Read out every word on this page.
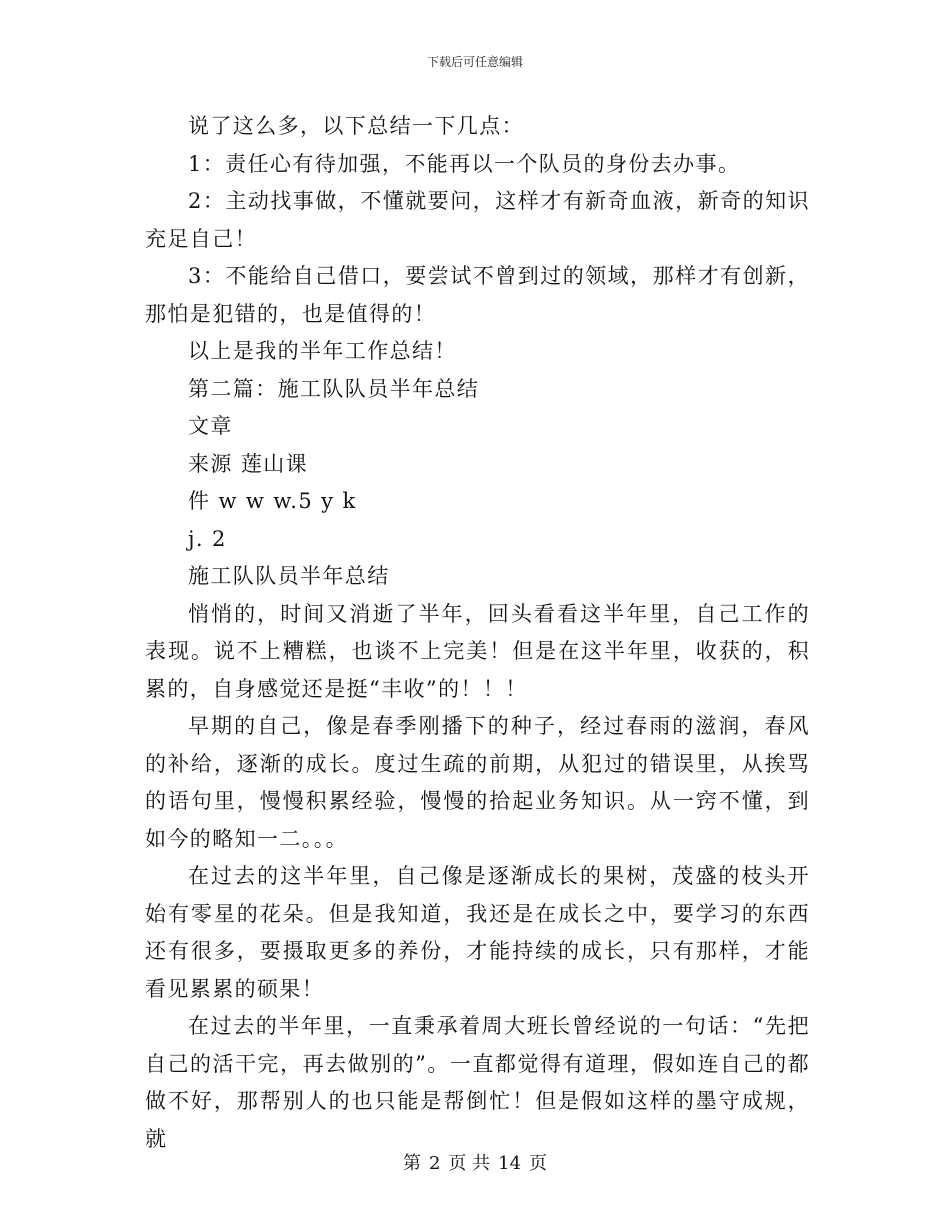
下载后可任意编辑

说了这么多，以下总结一下几点：

1：责任心有待加强，不能再以一个队员的身份去办事。

2：主动找事做，不懂就要问，这样才有新奇血液，新奇的知识充足自己！

3：不能给自己借口，要尝试不曾到过的领域，那样才有创新，那怕是犯错的，也是值得的！

以上是我的半年工作总结！

第二篇：施工队队员半年总结

文章

来源 莲山课

件 w w w.5 y k

j. 2

施工队队员半年总结

悄悄的，时间又消逝了半年，回头看看这半年里，自己工作的表现。说不上糟糕，也谈不上完美！但是在这半年里，收获的，积累的，自身感觉还是挺“丰收”的！！！

早期的自己，像是春季刚播下的种子，经过春雨的滋润，春风的补给，逐渐的成长。度过生疏的前期，从犯过的错误里，从挨骂的语句里，慢慢积累经验，慢慢的拾起业务知识。从一窍不懂，到如今的略知一二。。。

在过去的这半年里，自己像是逐渐成长的果树，茂盛的枝头开始有零星的花朵。但是我知道，我还是在成长之中，要学习的东西还有很多，要摄取更多的养份，才能持续的成长，只有那样，才能看见累累的硕果！

在过去的半年里，一直秉承着周大班长曾经说的一句话：“先把自己的活干完，再去做别的”。一直都觉得有道理，假如连自己的都做不好，那帮别人的也只能是帮倒忙！但是假如这样的墨守成规，就

第 2 页 共 14 页
